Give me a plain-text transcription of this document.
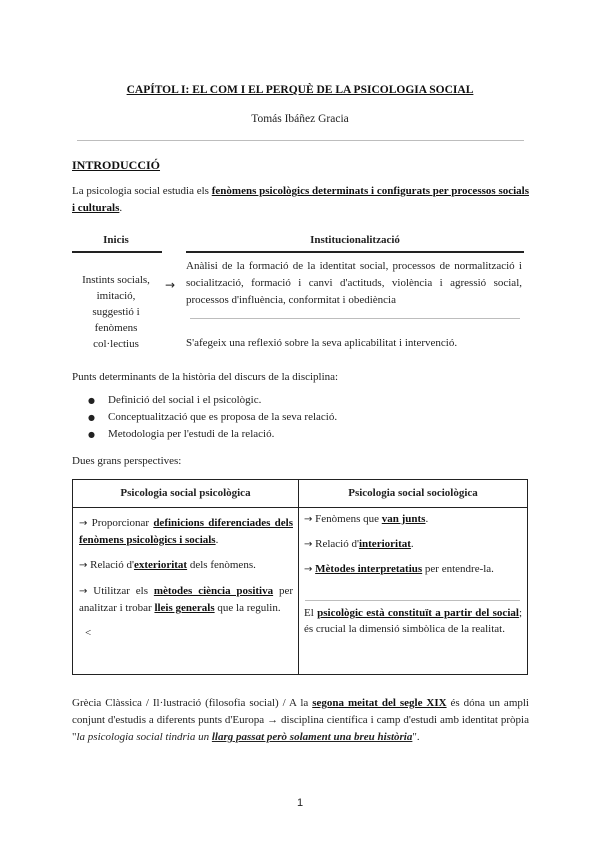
CAPÍTOL I: EL COM I EL PERQUÈ DE LA PSICOLOGIA SOCIAL
Tomás Ibáñez Gracia
INTRODUCCIÓ

La psicologia social estudia els fenòmens psicològics determinats i configurats per processos socials i culturals.

Inicis	Institucionalització
Instints socials,
imitació,
suggestió i
fenòmens
col·lectius
→

Anàlisi de la formació de la identitat social, processos de normalització i socialització, formació i canvi d'actituds, violència i agressió social, processos d'influència, conformitat i obediència

S'afegeix una reflexió sobre la seva aplicabilitat i intervenció.

Punts determinants de la història del discurs de la disciplina:

● Definició del social i el psicològic.
● Conceptualització que es proposa de la seva relació.
● Metodologia per l'estudi de la relació.

Dues grans perspectives:

Psicologia social psicològica	Psicologia social sociològica

→ Proporcionar definicions diferenciades dels fenòmens psicològics i socials.

→ Relació d'exterioritat dels fenòmens.

→ Utilitzar els mètodes ciència positiva per analitzar i trobar lleis generals que la regulin.

<

→ Fenòmens que van junts.

→ Relació d'interioritat.

→ Mètodes interpretatius per entendre-la.

El psicològic està constituït a partir del social; és crucial la dimensió simbòlica de la realitat.

Grècia Clàssica / Il·lustració (filosofia social) / A la segona meitat del segle XIX és dóna un ampli conjunt d'estudis a diferents punts d'Europa → disciplina científica i camp d'estudi amb identitat pròpia "la psicologia social tindria un llarg passat però solament una breu història".

1
